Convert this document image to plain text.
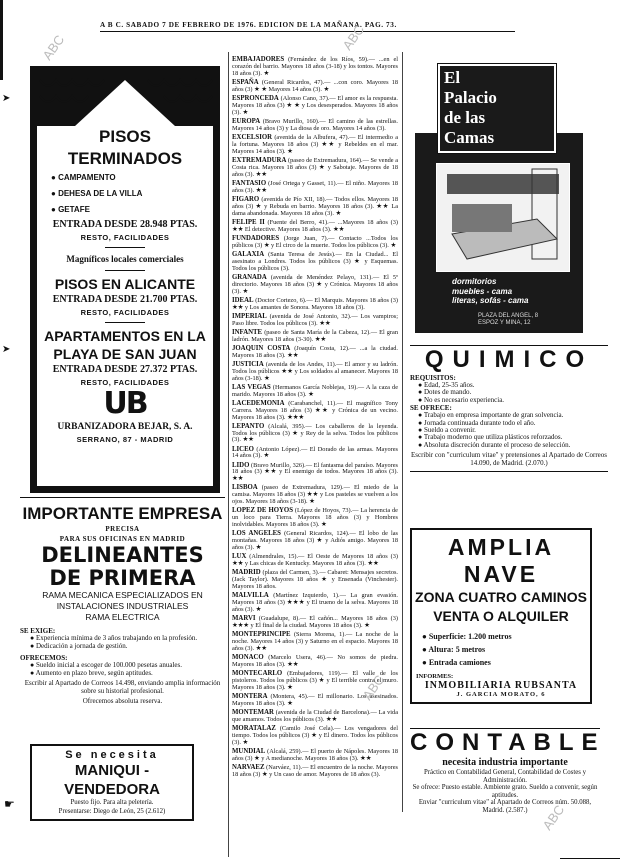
A B C. SABADO 7 DE FEBRERO DE 1976. EDICION DE LA MAÑANA. PAG. 73.
ABC	ABC
ABC
ABC
PISOS
TERMINADOS
● CAMPAMENTO
● DEHESA DE LA VILLA
● GETAFE
ENTRADA DESDE 28.948 PTAS.
RESTO, FACILIDADES
Magníficos locales comerciales
PISOS EN ALICANTE
ENTRADA DESDE 21.700 PTAS.
RESTO, FACILIDADES
APARTAMENTOS EN LA
PLAYA DE SAN JUAN
ENTRADA DESDE 27.372 PTAS.
RESTO, FACILIDADES
UB
URBANIZADORA BEJAR, S. A.
SERRANO, 87 - MADRID
➤
➤
IMPORTANTE EMPRESA
PRECISA
PARA SUS OFICINAS EN MADRID
DELINEANTES
DE PRIMERA
RAMA MECANICA ESPECIALIZADOS EN
INSTALACIONES INDUSTRIALES
RAMA ELECTRICA
SE EXIGE:
● Experiencia mínima de 3 años trabajando en la profesión.
● Dedicación a jornada de gestión.
OFRECEMOS:
● Sueldo inicial a escoger de 100.000 pesetas anuales.
● Aumento en plazo breve, según aptitudes.
Escribir al Apartado de Correos 14.498, enviando amplia información sobre su historial profesional.
Ofrecemos absoluta reserva.
Se necesita
MANIQUI - VENDEDORA
Puesto fijo. Para alta peletería.
Presentarse: Diego de León, 25 (2.612)
☛

EMBAJADORES (Fernández de los Ríos, 59).— ...en el corazón del barrio. Mayores 18 años (3-18) y los tontos. Mayores 18 años (3). ★

ESPAÑA (General Ricardos, 47).— ...con coro. Mayores 18 años (3) ★ ★ Mayores 14 años (3). ★

ESPRONCEDA (Alonso Cano, 37).— El amor es la respuesta. Mayores 18 años (3) ★ ★ y Los desesperados. Mayores 18 años (3). ★

EUROPA (Bravo Murillo, 160).— El camino de las estrellas. Mayores 14 años (3) y La diosa de oro. Mayores 14 años (3).

EXCELSIOR (avenida de la Albufera, 47).— El intermedio a la fortuna. Mayores 18 años (3) ★★ y Rebeldes en el mar. Mayores 14 años (3). ★

EXTREMADURA (paseo de Extremadura, 164).— Se vende a Costa rica. Mayores 18 años (3) ★ y Sabotaje. Mayores de 18 años (3). ★★

FANTASIO (José Ortega y Gasset, 11).— El niño. Mayores 18 años (3). ★★

FIGARO (avenida de Pío XII, 18).— Todos ellos. Mayores 18 años (3) ★ y Rebuda en barrio. Mayores 18 años (3). ★★ La dama abandonada. Mayores 18 años (3). ★

FELIPE II (Fuente del Berro, 41).— ...Mayores 18 años (3) ★★ El detective. Mayores 18 años (3). ★★

FUNDADORES (Jorge Juan, 7).— Contacto ...Todos los públicos (3) ★ y El circo de la muerte. Todos los públicos (3). ★

GALAXIA (Santa Teresa de Jesús).— En la Ciudad... El asesinato a Londres. Todos los públicos (3) ★ y Esquemas. Todos los públicos (3).

GRANADA (avenida de Menéndez Pelayo, 131).— El 5º directorio. Mayores 18 años (3) ★ y Crónica. Mayores 18 años (3). ★

IDEAL (Doctor Cortezo, 6).— El Marquis. Mayores 18 años (3) ★★ y Los amantes de Sonora. Mayores 18 años (3).

IMPERIAL (avenida de José Antonio, 32).— Los vampiros; Paso libre. Todos los públicos (3). ★★

INFANTE (paseo de Santa María de la Cabeza, 12).— El gran ladrón. Mayores 18 años (3-30). ★★

JOAQUIN COSTA (Joaquín Costa, 12).— ...a la ciudad. Mayores 18 años (3). ★★

JUSTICIA (avenida de los Andes, 11).— El amor y su ladrón. Todos los públicos ★★ y Los soldados al amanecer. Mayores 18 años (3-18). ★

LAS VEGAS (Hermanos García Noblejas, 19).— A la caza de marido. Mayores 18 años (3). ★

LACEDEMONIA (Carabanchel, 11).— El magnífico Tony Carrera. Mayores 18 años (3) ★★ y Crónica de un vecino. Mayores 18 años (3). ★★★

LEPANTO (Alcalá, 395).— Los caballeros de la leyenda. Todos los públicos (3) ★ y Rey de la selva. Todos los públicos (3). ★★

LICEO (Antonio López).— El Dorado de las armas. Mayores 14 años (3). ★

LIDO (Bravo Murillo, 326).— El fantasma del paraíso. Mayores 18 años (3) ★★ y El enemigo de todos. Mayores 18 años (3). ★★

LISBOA (paseo de Extremadura, 129).— El miedo de la camisa. Mayores 18 años (3) ★★ y Los pasteles se vuelven a los ojos. Mayores 18 años (3-18). ★

LOPEZ DE HOYOS (López de Hoyos, 73).— La herencia de un loco para Tierra. Mayores 18 años (3) y Hombres inolvidables. Mayores 18 años (3). ★

LOS ANGELES (General Ricardos, 124).— El lobo de las montañas. Mayores 18 años (3) ★ y Adiós amigo. Mayores 18 años (3). ★

LUX (Almendrales, 15).— El Oeste de Mayores 18 años (3) ★★ y Las chicas de Kentucky. Mayores 18 años (3). ★★

MADRID (plaza del Carmen, 3).— Cabaret: Mensajes secretos. (Jack Taylor). Mayores 18 años ★ y Ensenada (Vinchester). Mayores 18 años.

MALVILLA (Martínez Izquierdo, 1).— La gran evasión. Mayores 18 años (3) ★★★ y El trueno de la selva. Mayores 18 años (3). ★

MARVI (Guadalupe, 8).— El cañón... Mayores 18 años (3) ★★★ y El final de la ciudad. Mayores 18 años (3). ★

MONTEPRINCIPE (Sierra Morena, 1).— La noche de la noche. Mayores 14 años (3) y Saturno en el espacio. Mayores 18 años (3). ★★

MONACO (Marcelo Usera, 46).— No somos de piedra. Mayores 18 años (3). ★★

MONTECARLO (Embajadores, 119).— El valle de los pistoleros. Todos los públicos (3) ★ y El terrible contra el muro. Mayores 18 años (3). ★

MONTERA (Montera, 45).— El millonario. Los asesinados. Mayores 18 años (3). ★

MONTEMAR (avenida de la Ciudad de Barcelona).— La vida que amamos. Todos los públicos (3). ★★

MORATALAZ (Camilo José Cela).— Los vengadores del tiempo. Todos los públicos (3) ★ y El dinero. Todos los públicos (3). ★

MUNDIAL (Alcalá, 259).— El puerto de Nápoles. Mayores 18 años (3) ★ y A medianoche. Mayores 18 años (3). ★★

NARVAEZ (Narváez, 11).— El encuentro de la noche. Mayores 18 años (3) ★ y Un caso de amor. Mayores de 18 años (3).

El
Palacio
de las
Camas
dormitorios
muebles - cama
literas, sofás - cama
PLAZA DEL ANGEL, 8
ESPOZ Y MINA, 12
QUIMICO
REQUISITOS:
● Edad, 25-35 años.
● Dotes de mando.
● No es necesario experiencia.
SE OFRECE:
● Trabajo en empresa importante de gran solvencia.
● Jornada continuada durante todo el año.
● Sueldo a convenir.
● Trabajo moderno que utiliza plásticos reforzados.
● Absoluta discreción durante el proceso de selección.
Escribir con "curriculum vitae" y pretensiones al Apartado de Correos 14.090, de Madrid. (2.070.)
AMPLIA NAVE
ZONA CUATRO CAMINOS
VENTA O ALQUILER
● Superficie: 1.200 metros
● Altura: 5 metros
● Entrada camiones
INFORMES:
INMOBILIARIA RUBSANTA
J. GARCIA MORATO, 6
CONTABLE
necesita industria importante
Práctico en Contabilidad General, Contabilidad de Costes y Administración.
Se ofrece: Puesto estable. Ambiente grato. Sueldo a convenir, según aptitudes.
Enviar "curriculum vitae" al Apartado de Correos núm. 50.088, Madrid. (2.587.)
